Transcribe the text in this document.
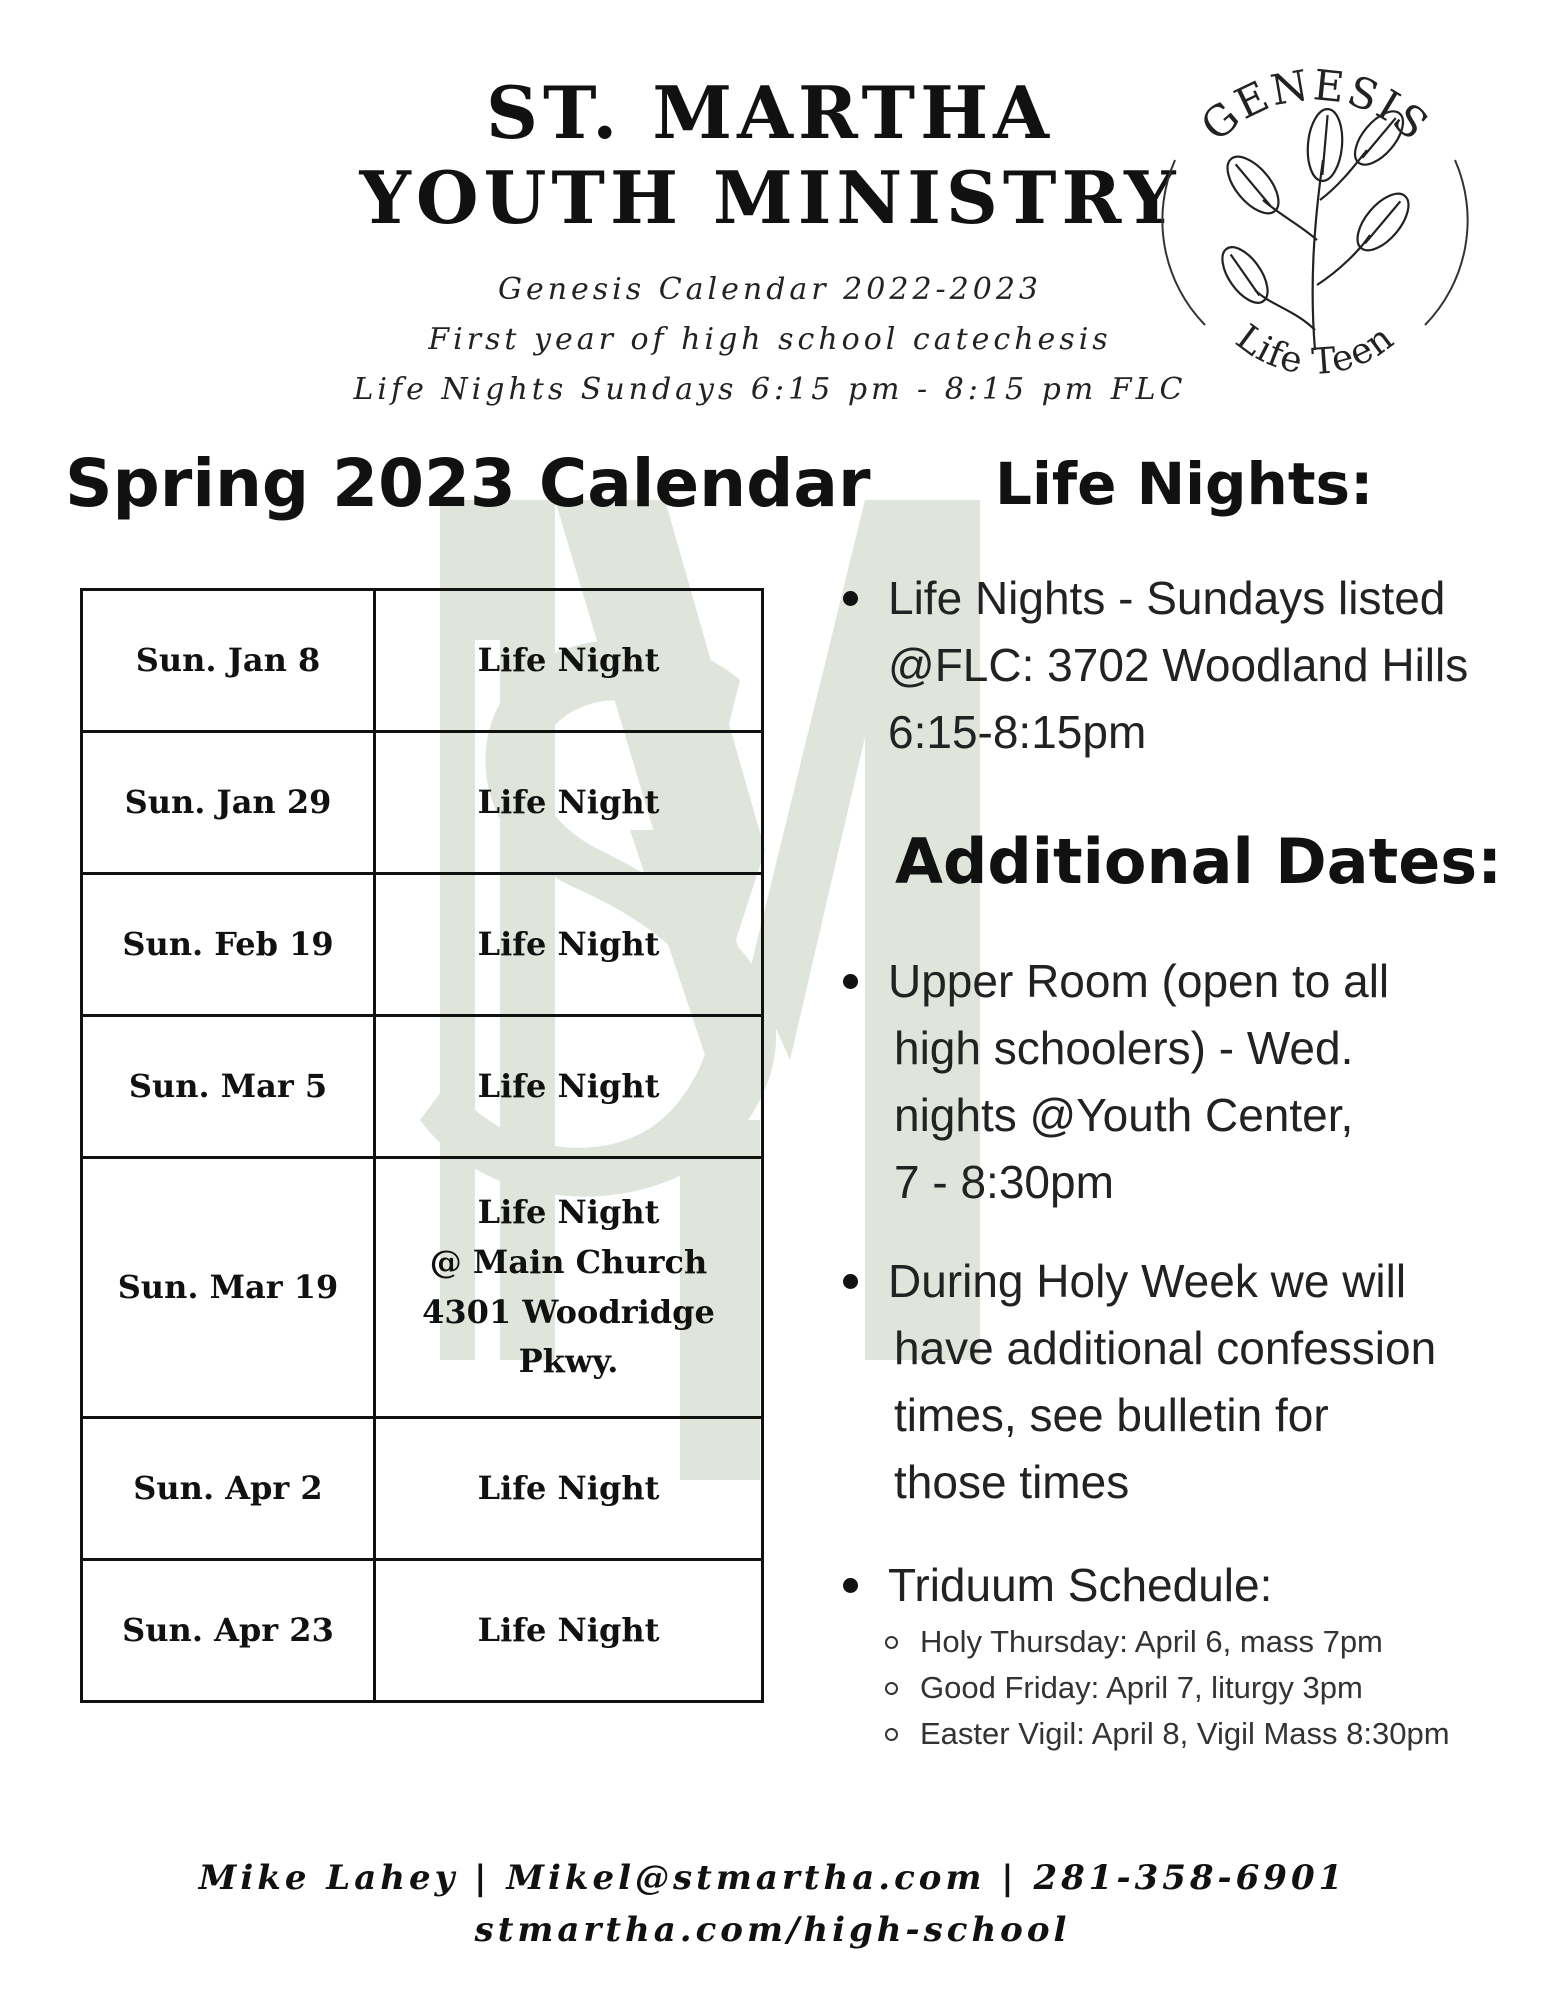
ST. MARTHA
YOUTH MINISTRY
Genesis Calendar 2022-2023
First year of high school catechesis
Life Nights Sundays 6:15 pm - 8:15 pm FLC
GENESIS
Life Teen
Spring 2023 Calendar
Sun. Jan 8	Life Night
Sun. Jan 29	Life Night
Sun. Feb 19	Life Night
Sun. Mar 5	Life Night
Sun. Mar 19	Life Night
@ Main Church
4301 Woodridge
Pkwy.

Sun. Apr 2	Life Night
Sun. Apr 23	Life Night
Life Nights:
Life Nights - Sundays listed
@FLC: 3702 Woodland Hills
6:15-8:15pm
Additional Dates:
Upper Room (open to all
high schoolers) - Wed.
nights @Youth Center,
7 - 8:30pm
During Holy Week we will
have additional confession
times, see bulletin for
those times
Triduum Schedule:
Holy Thursday: April 6, mass 7pm
Good Friday: April 7, liturgy 3pm
Easter Vigil: April 8, Vigil Mass 8:30pm
Mike Lahey | Mikel@stmartha.com | 281-358-6901
stmartha.com/high-school
